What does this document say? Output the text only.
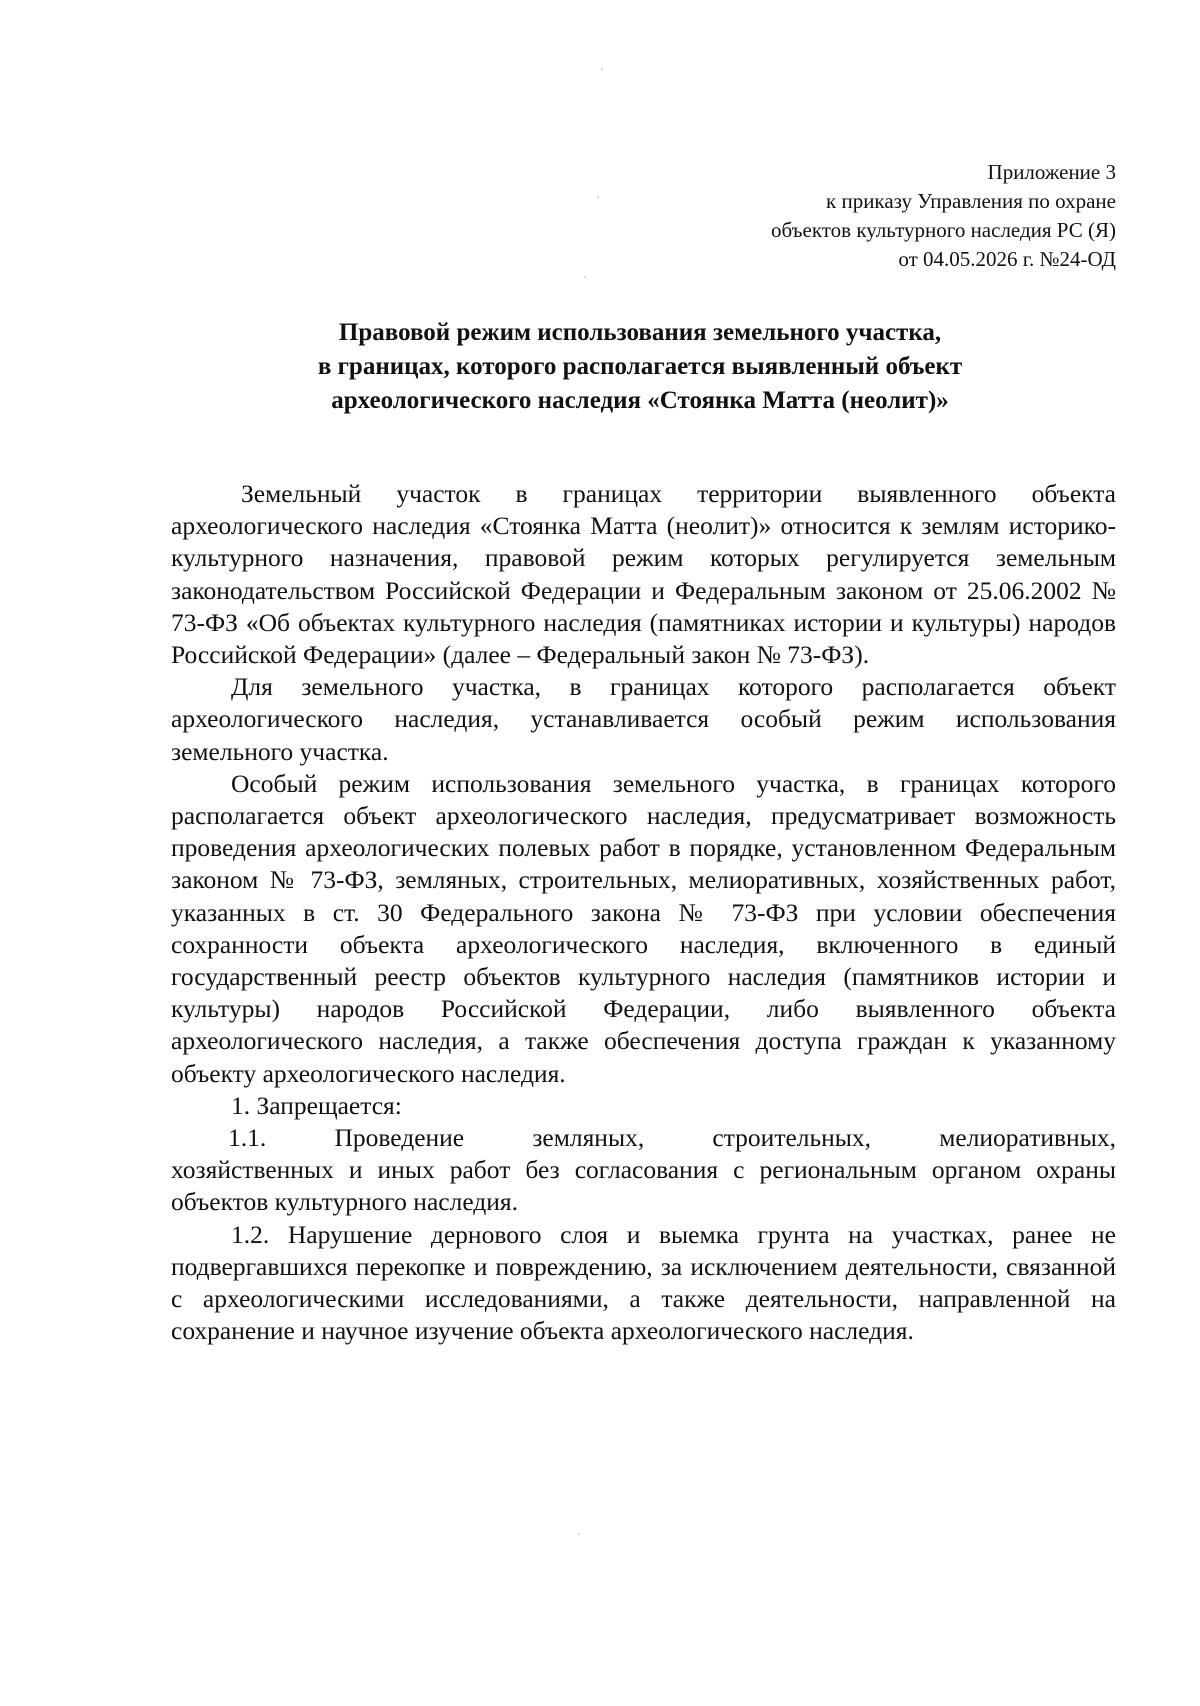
Приложение 3
к приказу Управления по охране
объектов культурного наследия РС (Я)
от 04.05.2026 г. №24-ОД
Правовой режим использования земельного участка,
в границах, которого располагается выявленный объект
археологического наследия «Стоянка Матта (неолит)»

Земельный участок в границах территории выявленного объекта археологического наследия «Стоянка Матта (неолит)» относится к землям историко-культурного назначения, правовой режим которых регулируется земельным законодательством Российской Федерации и Федеральным законом от 25.06.2002 № 73-ФЗ «Об объектах культурного наследия (памятниках истории и культуры) народов Российской Федерации» (далее – Федеральный закон № 73-ФЗ).

Для земельного участка, в границах которого располагается объект археологического наследия, устанавливается особый режим использования земельного участка.

Особый режим использования земельного участка, в границах которого располагается объект археологического наследия, предусматривает возможность проведения археологических полевых работ в порядке, установленном Федеральным законом № 73-ФЗ, земляных, строительных, мелиоративных, хозяйственных работ, указанных в ст. 30 Федерального закона № 73-ФЗ при условии обеспечения сохранности объекта археологического наследия, включенного в единый государственный реестр объектов культурного наследия (памятников истории и культуры) народов Российской Федерации, либо выявленного объекта археологического наследия, а также обеспечения доступа граждан к указанному объекту археологического наследия.

1. Запрещается:

1.1.	Проведение	земляных,	строительных,	мелиоративных,

хозяйственных и иных работ без согласования с региональным органом охраны объектов культурного наследия.

1.2. Нарушение дернового слоя и выемка грунта на участках, ранее не подвергавшихся перекопке и повреждению, за исключением деятельности, связанной с археологическими исследованиями, а также деятельности, направленной на сохранение и научное изучение объекта археологического наследия.
